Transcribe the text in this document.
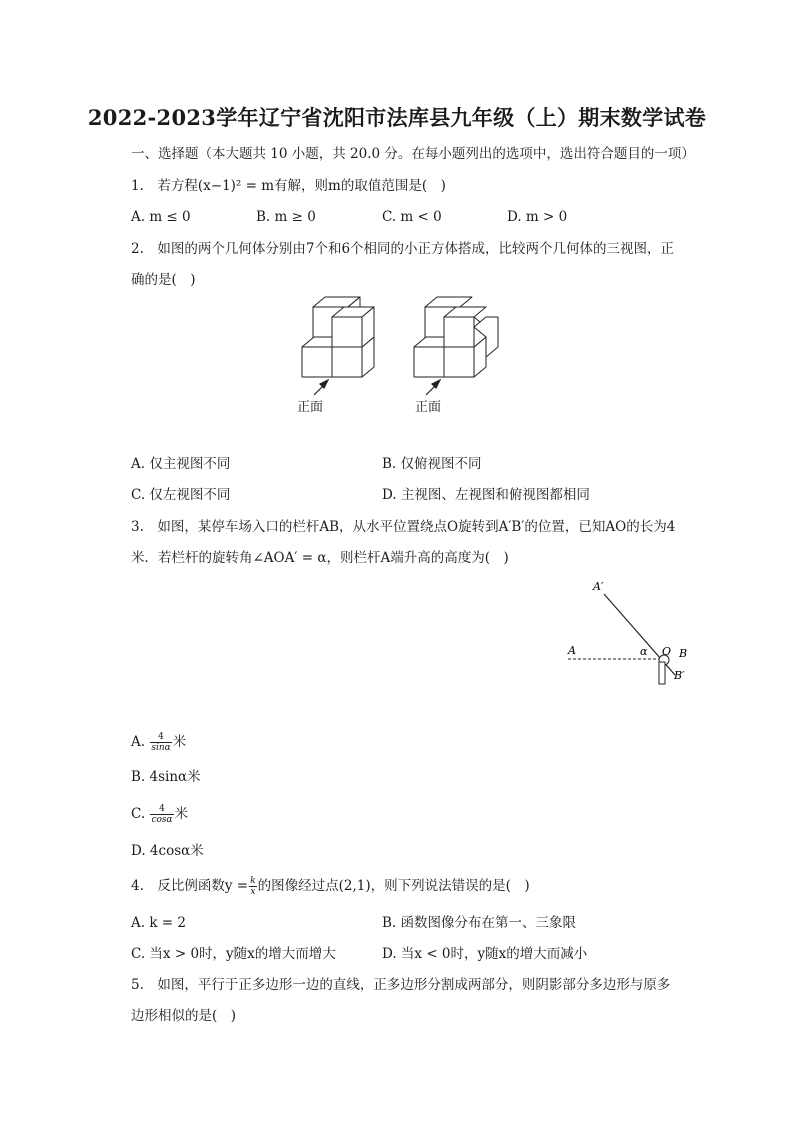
2022-2023学年辽宁省沈阳市法库县九年级（上）期末数学试卷
一、选择题（本大题共 10 小题，共 20.0 分。在每小题列出的选项中，选出符合题目的一项）
1.　若方程(x−1)² = m有解，则m的取值范围是(　)
A. m ≤ 0	B. m ≥ 0	C. m < 0	D. m > 0
2.　如图的两个几何体分别由7个和6个相同的小正方体搭成，比较两个几何体的三视图，正
确的是(　)
正面	正面
A. 仅主视图不同	B. 仅俯视图不同
C. 仅左视图不同	D. 主视图、左视图和俯视图都相同
3.　如图，某停车场入口的栏杆AB，从水平位置绕点O旋转到A′B′的位置，已知AO的长为4
米．若栏杆的旋转角∠AOA′ = α，则栏杆A端升高的高度为(　)
A′
A	α O B
B′
A. $\frac{4}{\sin\alpha}$ 米
B. 4sinα米
C. $\frac{4}{\cos\alpha}$ 米
D. 4cosα米
4.　反比例函数$y = \frac{k}{x}$ 的图像经过点(2,1)，则下列说法错误的是(　)
A. k = 2	B. 函数图像分布在第一、三象限
C. 当x > 0时，y随x的增大而增大	D. 当x < 0时，y随x的增大而减小
5.　如图，平行于正多边形一边的直线，正多边形分割成两部分，则阴影部分多边形与原多
边形相似的是(　)
